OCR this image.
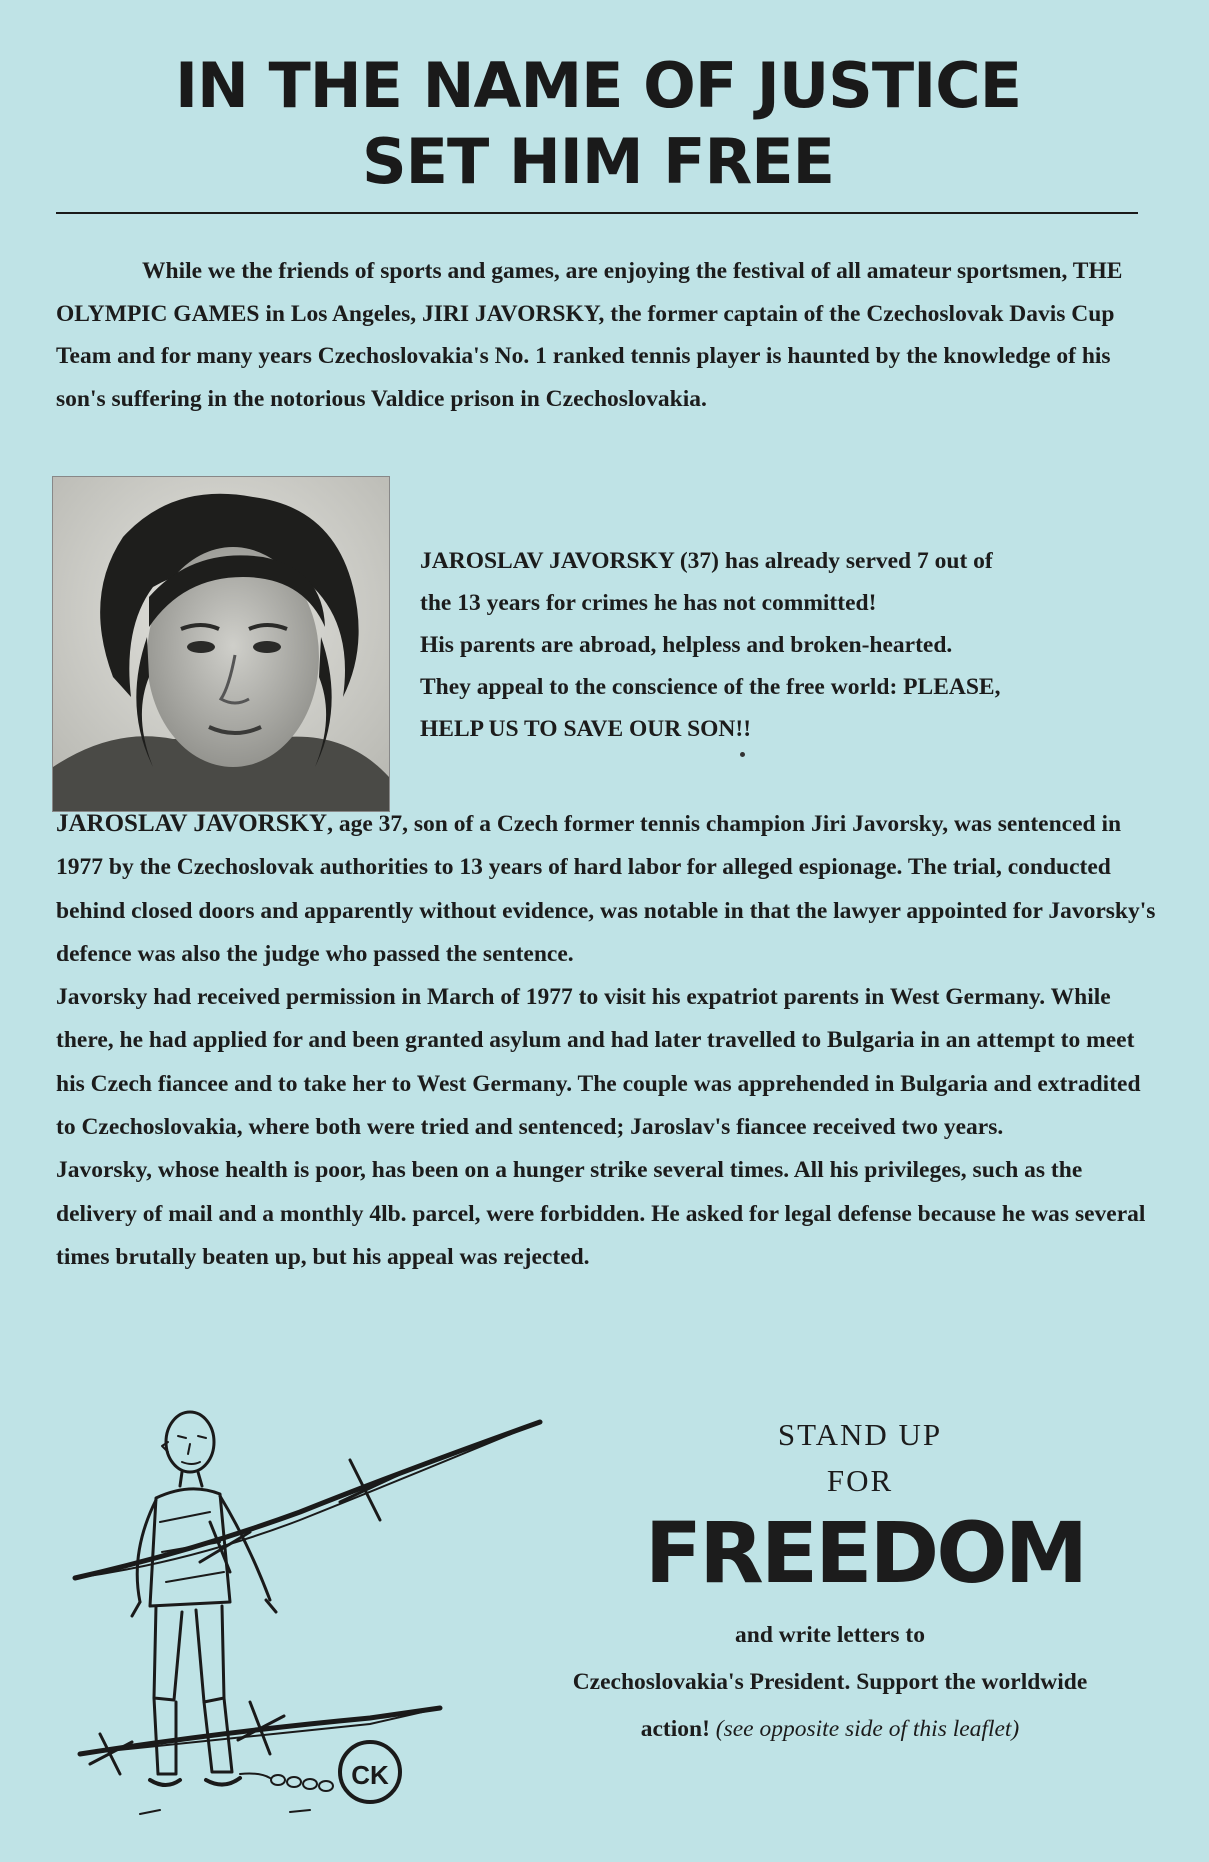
IN THE NAME OF JUSTICE
SET HIM FREE

While we the friends of sports and games, are enjoying the festival of all amateur sportsmen, THE OLYMPIC GAMES in Los Angeles, JIRI JAVORSKY, the former captain of the Czechoslovak Davis Cup Team and for many years Czechoslovakia's No. 1 ranked tennis player is haunted by the knowledge of his son's suffering in the notorious Valdice prison in Czechoslovakia.

JAROSLAV JAVORSKY (37) has already served 7 out of
the 13 years for crimes he has not committed!
His parents are abroad, helpless and broken-hearted.
They appeal to the conscience of the free world: PLEASE,
HELP US TO SAVE OUR SON!!
JAROSLAV JAVORSKY, age 37, son of a Czech former tennis champion Jiri Javorsky, was sentenced in 1977 by the Czechoslovak authorities to 13 years of hard labor for alleged espionage. The trial, conducted behind closed doors and apparently without evidence, was notable in that the lawyer appointed for Javorsky's defence was also the judge who passed the sentence.
Javorsky had received permission in March of 1977 to visit his expatriot parents in West Germany. While there, he had applied for and been granted asylum and had later travelled to Bulgaria in an attempt to meet his Czech fiancee and to take her to West Germany. The couple was apprehended in Bulgaria and extradited to Czechoslovakia, where both were tried and sentenced; Jaroslav's fiancee received two years.
Javorsky, whose health is poor, has been on a hunger strike several times. All his privileges, such as the delivery of mail and a monthly 4lb. parcel, were forbidden. He asked for legal defense because he was several times brutally beaten up, but his appeal was rejected.
CK
STAND UP
FOR
FREEDOM
and write letters to
Czechoslovakia's President. Support the worldwide
action! (see opposite side of this leaflet)
